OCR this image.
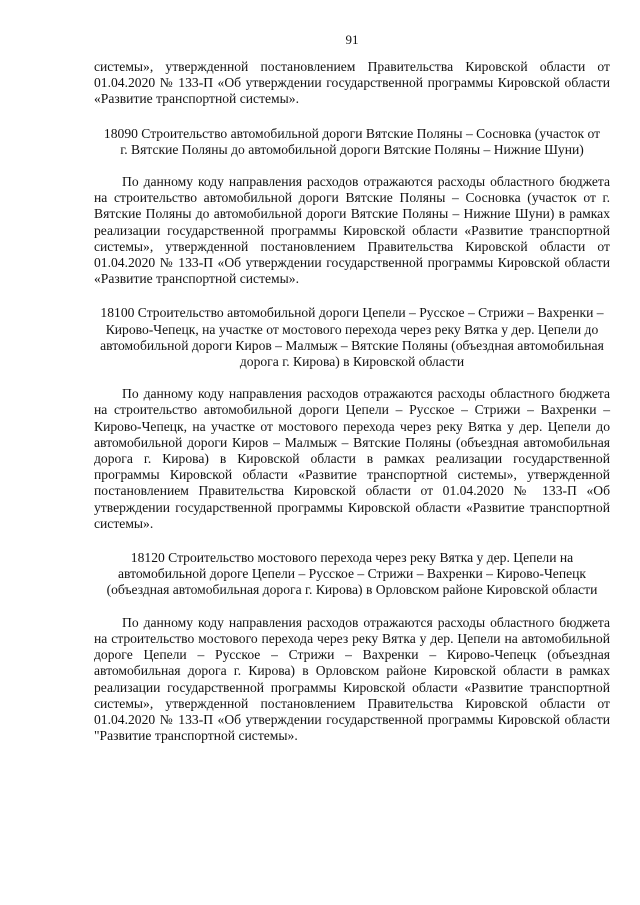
91

системы», утвержденной постановлением Правительства Кировской области от 01.04.2020 № 133-П «Об утверждении государственной программы Кировской области «Развитие транспортной системы».

18090 Строительство автомобильной дороги Вятские Поляны – Сосновка (участок от г. Вятские Поляны до автомобильной дороги Вятские Поляны – Нижние Шуни)

По данному коду направления расходов отражаются расходы областного бюджета на строительство автомобильной дороги Вятские Поляны – Сосновка (участок от г. Вятские Поляны до автомобильной дороги Вятские Поляны – Нижние Шуни) в рамках реализации государственной программы Кировской области «Развитие транспортной системы», утвержденной постановлением Правительства Кировской области от 01.04.2020 № 133-П «Об утверждении государственной программы Кировской области «Развитие транспортной системы».

18100 Строительство автомобильной дороги Цепели – Русское – Стрижи – Вахренки – Кирово-Чепецк, на участке от мостового перехода через реку Вятка у дер. Цепели до автомобильной дороги Киров – Малмыж – Вятские Поляны (объездная автомобильная дорога г. Кирова) в Кировской области

По данному коду направления расходов отражаются расходы областного бюджета на строительство автомобильной дороги Цепели – Русское – Стрижи – Вахренки – Кирово-Чепецк, на участке от мостового перехода через реку Вятка у дер. Цепели до автомобильной дороги Киров – Малмыж – Вятские Поляны (объездная автомобильная дорога г. Кирова) в Кировской области в рамках реализации государственной программы Кировской области «Развитие транспортной системы», утвержденной постановлением Правительства Кировской области от 01.04.2020 № 133-П «Об утверждении государственной программы Кировской области «Развитие транспортной системы».

18120 Строительство мостового перехода через реку Вятка у дер. Цепели на автомобильной дороге Цепели – Русское – Стрижи – Вахренки – Кирово-Чепецк (объездная автомобильная дорога г. Кирова) в Орловском районе Кировской области

По данному коду направления расходов отражаются расходы областного бюджета на строительство мостового перехода через реку Вятка у дер. Цепели на автомобильной дороге Цепели – Русское – Стрижи – Вахренки – Кирово-Чепецк (объездная автомобильная дорога г. Кирова) в Орловском районе Кировской области в рамках реализации государственной программы Кировской области «Развитие транспортной системы», утвержденной постановлением Правительства Кировской области от 01.04.2020 № 133-П «Об утверждении государственной программы Кировской области "Развитие транспортной системы».
